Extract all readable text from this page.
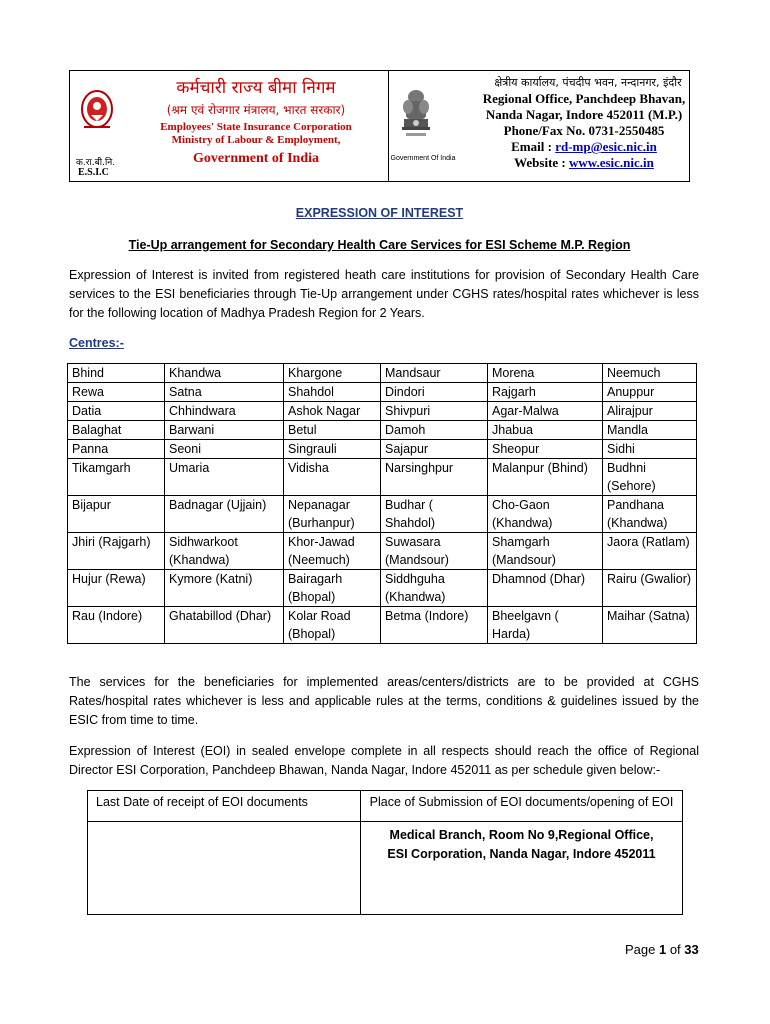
क.रा.बी.नि.
E.S.I.C
कर्मचारी राज्य बीमा निगम
(श्रम एवं रोजगार मंत्रालय, भारत सरकार)
Employees' State Insurance Corporation
Ministry of Labour & Employment,
Government of India	Government Of India
क्षेत्रीय कार्यालय, पंचदीप भवन, नन्दानगर, इंदौर
Regional Office, Panchdeep Bhavan,
Nanda Nagar, Indore 452011 (M.P.)
Phone/Fax No. 0731-2550485
Email : rd-mp@esic.nic.in
Website : www.esic.nic.in
EXPRESSION OF INTEREST
Tie-Up arrangement for Secondary Health Care Services for ESI Scheme M.P. Region
Expression of Interest is invited from registered heath care institutions for provision of Secondary Health Care services to the ESI beneficiaries through Tie-Up arrangement under CGHS rates/hospital rates whichever is less for the following location of Madhya Pradesh Region for 2 Years.
Centres:-
Bhind	Khandwa	Khargone	Mandsaur	Morena	Neemuch
Rewa	Satna	Shahdol	Dindori	Rajgarh	Anuppur
Datia	Chhindwara	Ashok Nagar	Shivpuri	Agar-Malwa	Alirajpur
Balaghat	Barwani	Betul	Damoh	Jhabua	Mandla
Panna	Seoni	Singrauli	Sajapur	Sheopur	Sidhi
Tikamgarh	Umaria	Vidisha	Narsinghpur	Malanpur (Bhind)	Budhni (Sehore)
Bijapur	Badnagar (Ujjain)	Nepanagar (Burhanpur)	Budhar ( Shahdol)	Cho-Gaon (Khandwa)	Pandhana (Khandwa)
Jhiri (Rajgarh)	Sidhwarkoot (Khandwa)	Khor-Jawad (Neemuch)	Suwasara (Mandsour)	Shamgarh (Mandsour)	Jaora (Ratlam)
Hujur (Rewa)	Kymore (Katni)	Bairagarh (Bhopal)	Siddhguha (Khandwa)	Dhamnod (Dhar)	Rairu (Gwalior)
Rau (Indore)	Ghatabillod (Dhar)	Kolar Road (Bhopal)	Betma (Indore)	Bheelgavn ( Harda)	Maihar (Satna)
The services for the beneficiaries for implemented areas/centers/districts are to be provided at CGHS Rates/hospital rates whichever is less and applicable rules at the terms, conditions & guidelines issued by the ESIC from time to time.
Expression of Interest (EOI) in sealed envelope complete in all respects should reach the office of Regional Director ESI Corporation, Panchdeep Bhawan, Nanda Nagar, Indore 452011 as per schedule given below:-
Last Date of receipt of EOI documents	Place of Submission of EOI documents/opening of EOI
	Medical Branch, Room No 9,Regional Office, ESI Corporation, Nanda Nagar, Indore 452011
Page 1 of 33
